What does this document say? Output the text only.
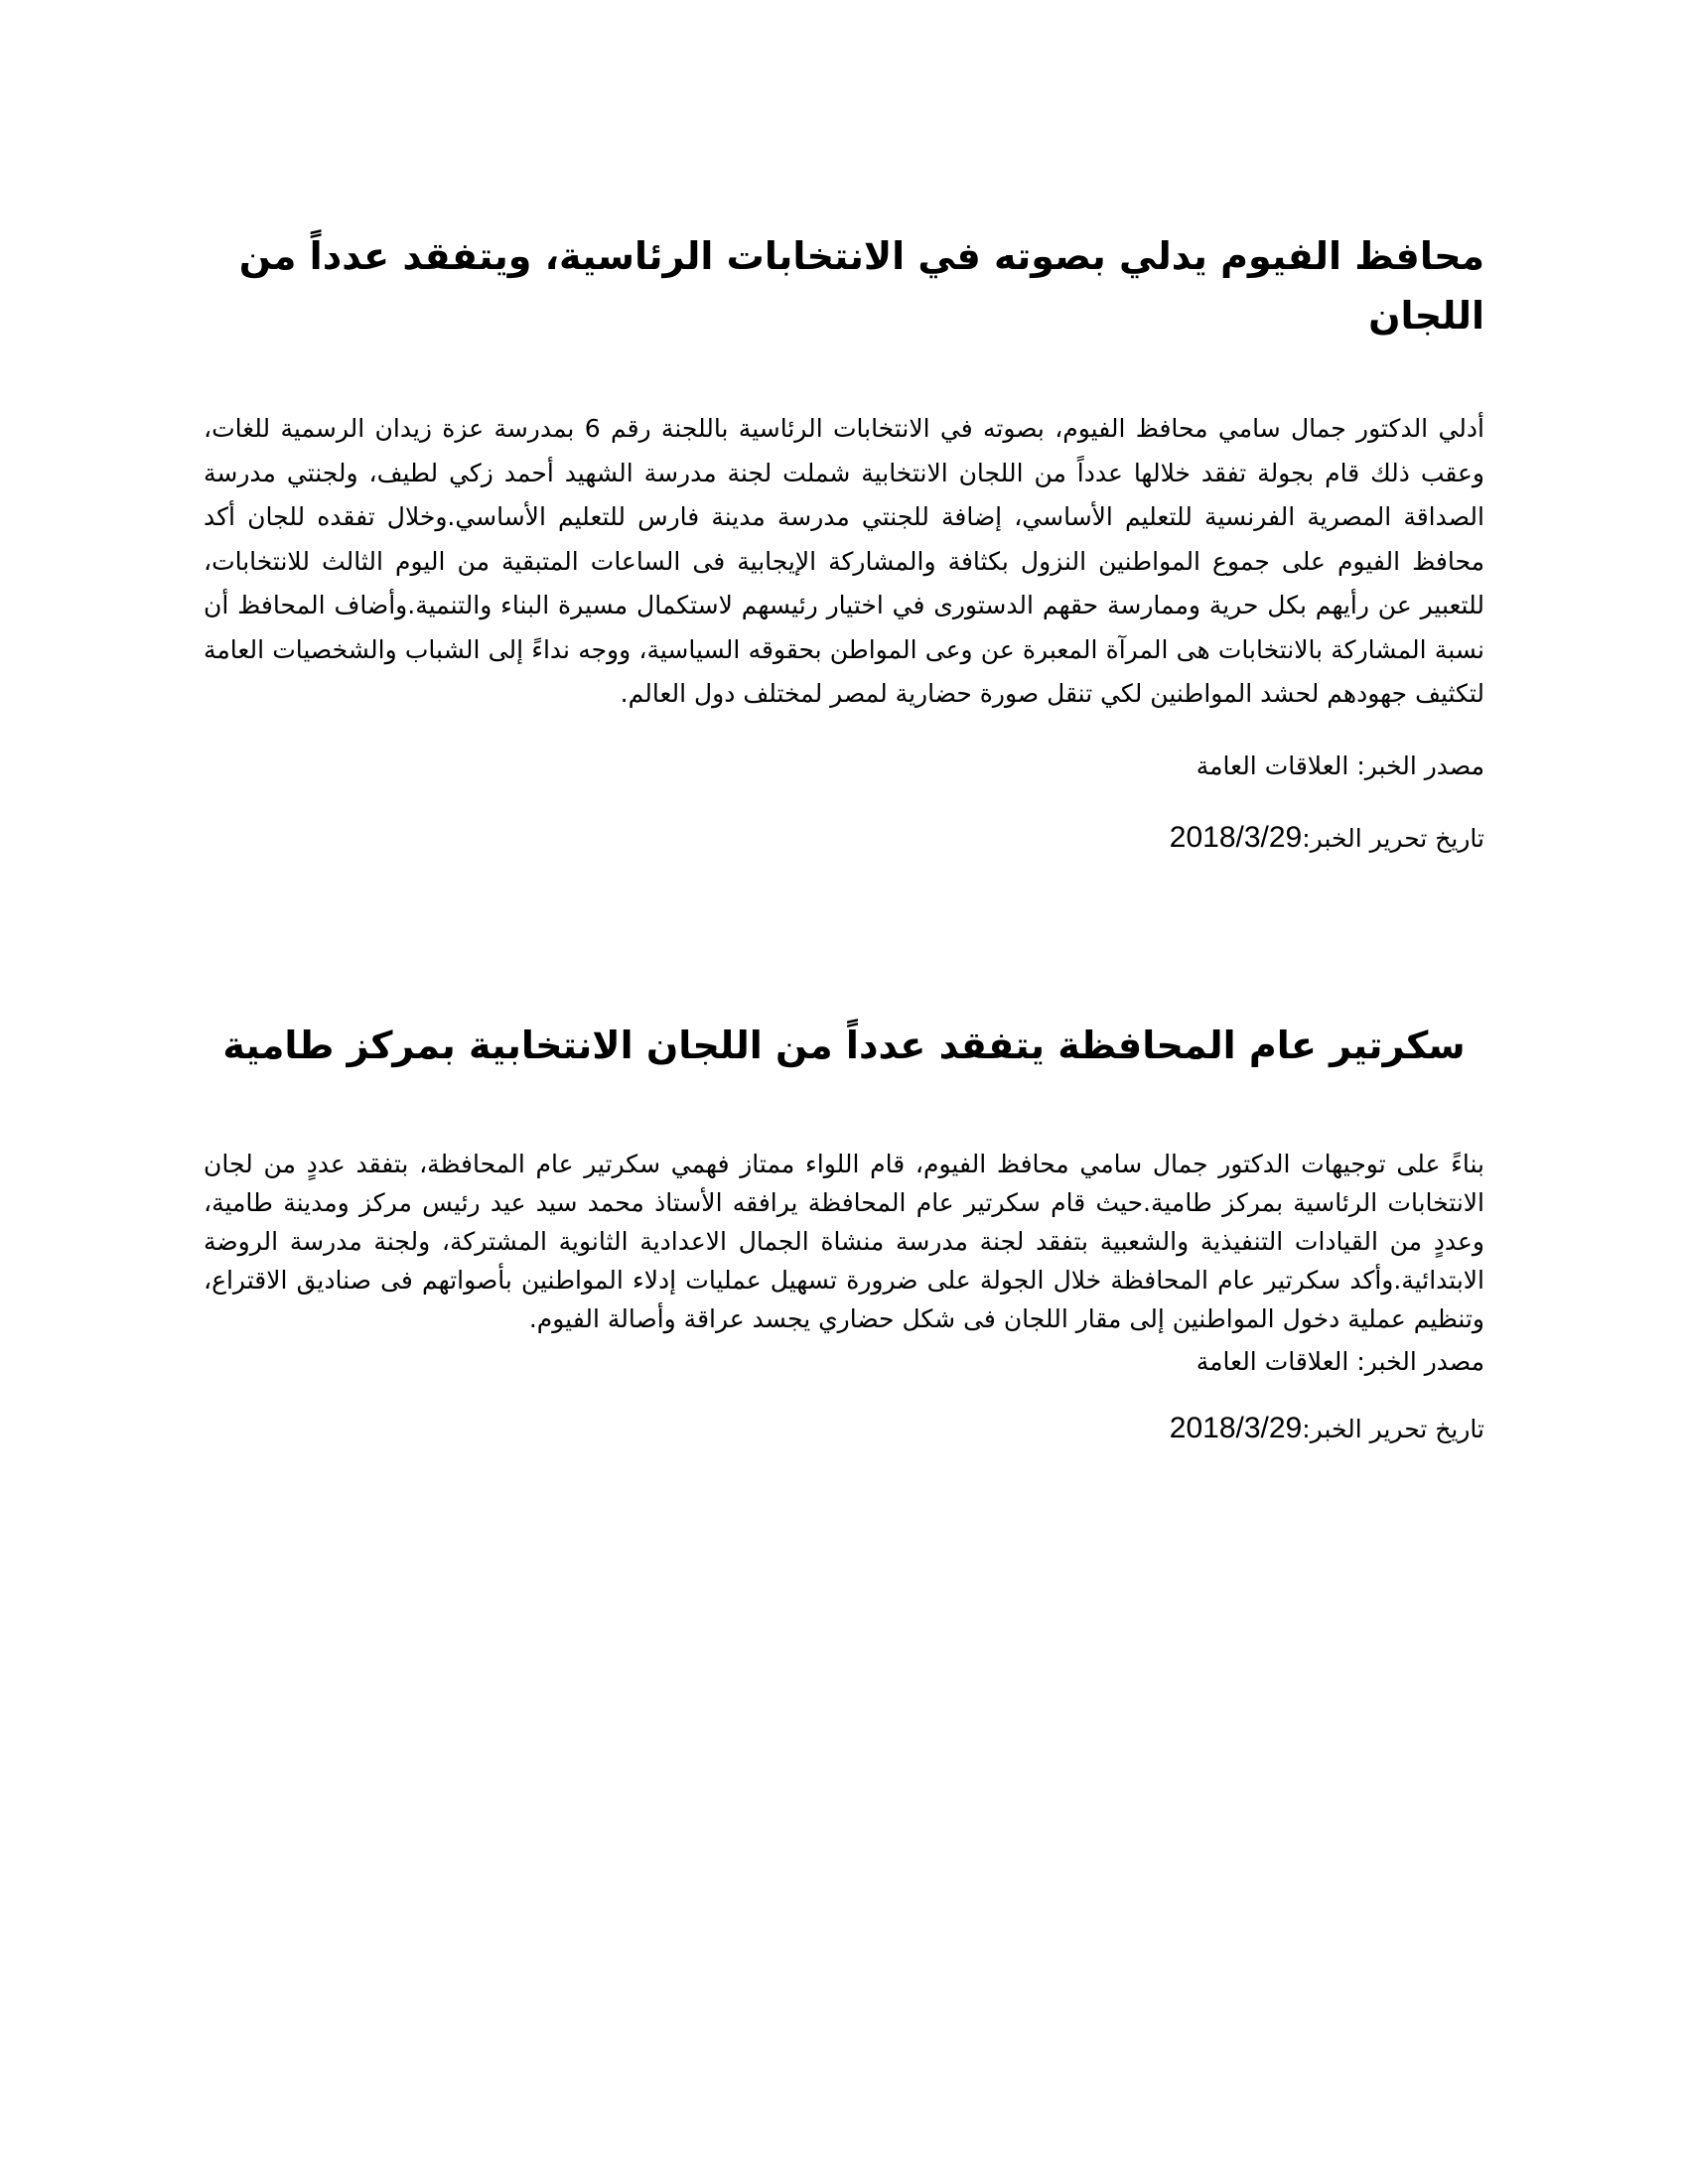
محافظ الفيوم يدلي بصوته في الانتخابات الرئاسية، ويتفقد عدداً من اللجان

أدلي الدكتور جمال سامي محافظ الفيوم، بصوته في الانتخابات الرئاسية باللجنة رقم 6 بمدرسة عزة زيدان الرسمية للغات، وعقب ذلك قام بجولة تفقد خلالها عدداً من اللجان الانتخابية شملت لجنة مدرسة الشهيد أحمد زكي لطيف، ولجنتي مدرسة الصداقة المصرية الفرنسية للتعليم الأساسي، إضافة للجنتي مدرسة مدينة فارس للتعليم الأساسي.وخلال تفقده للجان أكد محافظ الفيوم على جموع المواطنين النزول بكثافة والمشاركة الإيجابية فى الساعات المتبقية من اليوم الثالث للانتخابات، للتعبير عن رأيهم بكل حرية وممارسة حقهم الدستورى في اختيار رئيسهم لاستكمال مسيرة البناء والتنمية.وأضاف المحافظ أن نسبة المشاركة بالانتخابات هى المرآة المعبرة عن وعى المواطن بحقوقه السياسية، ووجه نداءً إلى الشباب والشخصيات العامة لتكثيف جهودهم لحشد المواطنين لكي تنقل صورة حضارية لمصر لمختلف دول العالم.

مصدر الخبر: العلاقات العامة

تاريخ تحرير الخبر:2018/3/29

سكرتير عام المحافظة يتفقد عدداً من اللجان الانتخابية بمركز طامية

بناءً على توجيهات الدكتور جمال سامي محافظ الفيوم، قام اللواء ممتاز فهمي سكرتير عام المحافظة، بتفقد عددٍ من لجان الانتخابات الرئاسية بمركز طامية.حيث قام سكرتير عام المحافظة يرافقه الأستاذ محمد سيد عيد رئيس مركز ومدينة طامية، وعددٍ من القيادات التنفيذية والشعبية بتفقد لجنة مدرسة منشاة الجمال الاعدادية الثانوية المشتركة، ولجنة مدرسة الروضة الابتدائية.وأكد سكرتير عام المحافظة خلال الجولة على ضرورة تسهيل عمليات إدلاء المواطنين بأصواتهم فى صناديق الاقتراع، وتنظيم عملية دخول المواطنين إلى مقار اللجان فى شكل حضاري يجسد عراقة وأصالة الفيوم.

مصدر الخبر: العلاقات العامة

تاريخ تحرير الخبر:2018/3/29
